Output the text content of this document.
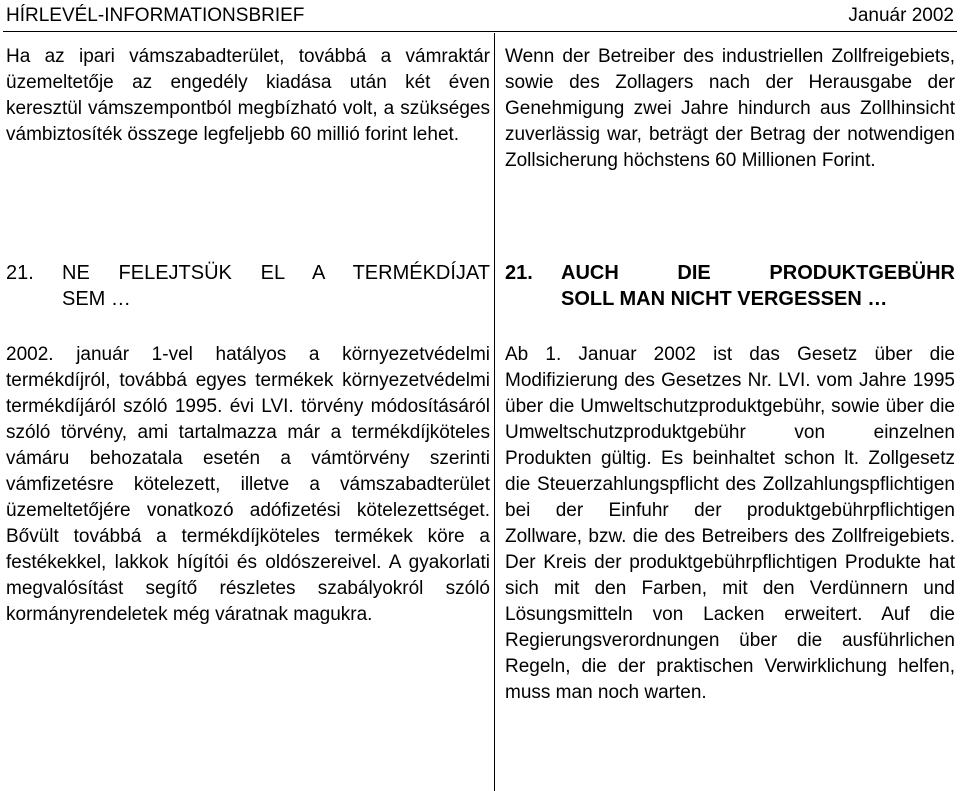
HÍRLEVÉL-INFORMATIONSBRIEF	Január 2002

Ha az ipari vámszabadterület, továbbá a vámraktár üzemeltetője az engedély kiadása után két éven keresztül vámszempontból megbízható volt, a szükséges vámbiztosíték összege legfeljebb 60 millió forint lehet.

Wenn der Betreiber des industriellen Zollfreigebiets, sowie des Zollagers nach der Herausgabe der Genehmigung zwei Jahre hindurch aus Zollhinsicht zuverlässig war, beträgt der Betrag der notwendigen Zollsicherung höchstens 60 Millionen Forint.

21. NE FELEJTSÜK EL A TERMÉKDÍJAT
SEM …
21. AUCH DIE PRODUKTGEBÜHR
SOLL MAN NICHT VERGESSEN …

2002. január 1-vel hatályos a környezetvédelmi termékdíjról, továbbá egyes termékek környezetvédelmi termékdíjáról szóló 1995. évi LVI. törvény módosításáról szóló törvény, ami tartalmazza már a termékdíjköteles vámáru behozatala esetén a vámtörvény szerinti vámfizetésre kötelezett, illetve a vámszabadterület üzemeltetőjére vonatkozó adófizetési kötelezettséget. Bővült továbbá a termékdíjköteles termékek köre a festékekkel, lakkok hígítói és oldószereivel. A gyakorlati megvalósítást segítő részletes szabályokról szóló kormányrendeletek még váratnak magukra.

Ab 1. Januar 2002 ist das Gesetz über die Modifizierung des Gesetzes Nr. LVI. vom Jahre 1995 über die Umweltschutzproduktgebühr, sowie über die Umweltschutzproduktgebühr von einzelnen Produkten gültig. Es beinhaltet schon lt. Zollgesetz die Steuerzahlungspflicht des Zollzahlungspflichtigen bei der Einfuhr der produktgebührpflichtigen Zollware, bzw. die des Betreibers des Zollfreigebiets. Der Kreis der produktgebührpflichtigen Produkte hat sich mit den Farben, mit den Verdünnern und Lösungsmitteln von Lacken erweitert. Auf die Regierungsverordnungen über die ausführlichen Regeln, die der praktischen Verwirklichung helfen, muss man noch warten.
